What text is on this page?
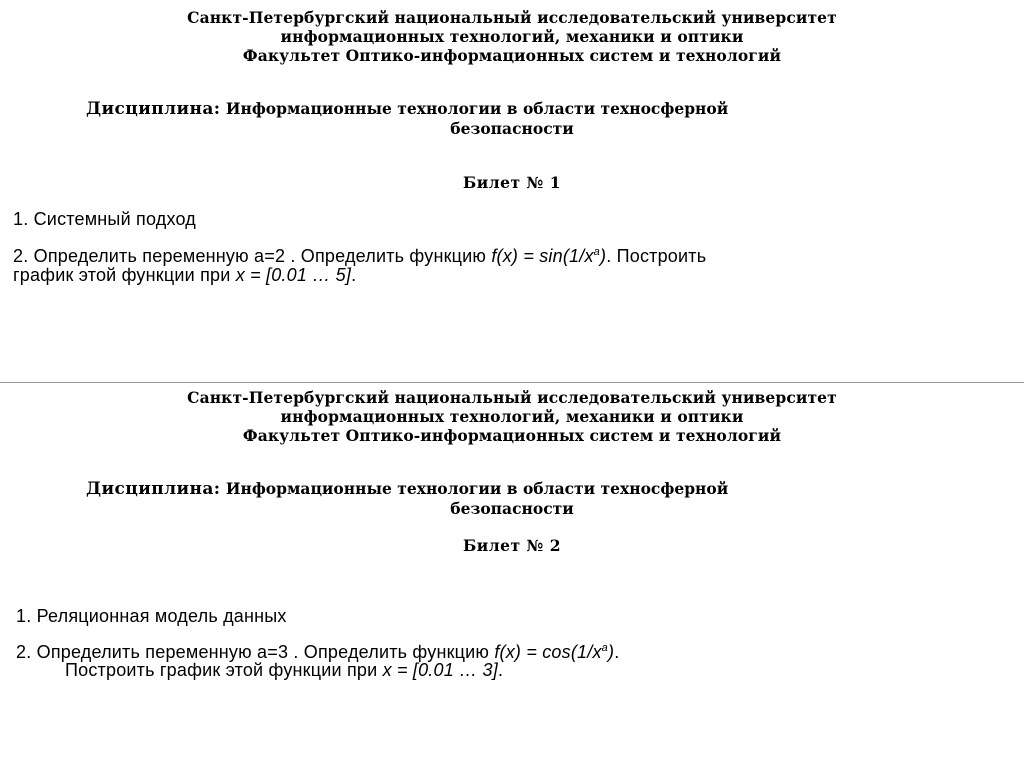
Санкт-Петербургский национальный исследовательский университет
информационных технологий, механики и оптики
Факультет Оптико-информационных систем и технологий
Дисциплина: Информационные технологии в области техносферной
безопасности
Билет № 1
1. Системный подход
2. Определить переменную a=2 . Определить функцию $f(x) = \sin(1/x^a)$. Построить
график этой функции при x = [0.01 … 5].
Санкт-Петербургский национальный исследовательский университет
информационных технологий, механики и оптики
Факультет Оптико-информационных систем и технологий
Дисциплина: Информационные технологии в области техносферной
безопасности
Билет № 2
1. Реляционная модель данных
2. Определить переменную a=3 . Определить функцию $f(x) = \cos(1/x^a)$.
Построить график этой функции при x = [0.01 … 3].
